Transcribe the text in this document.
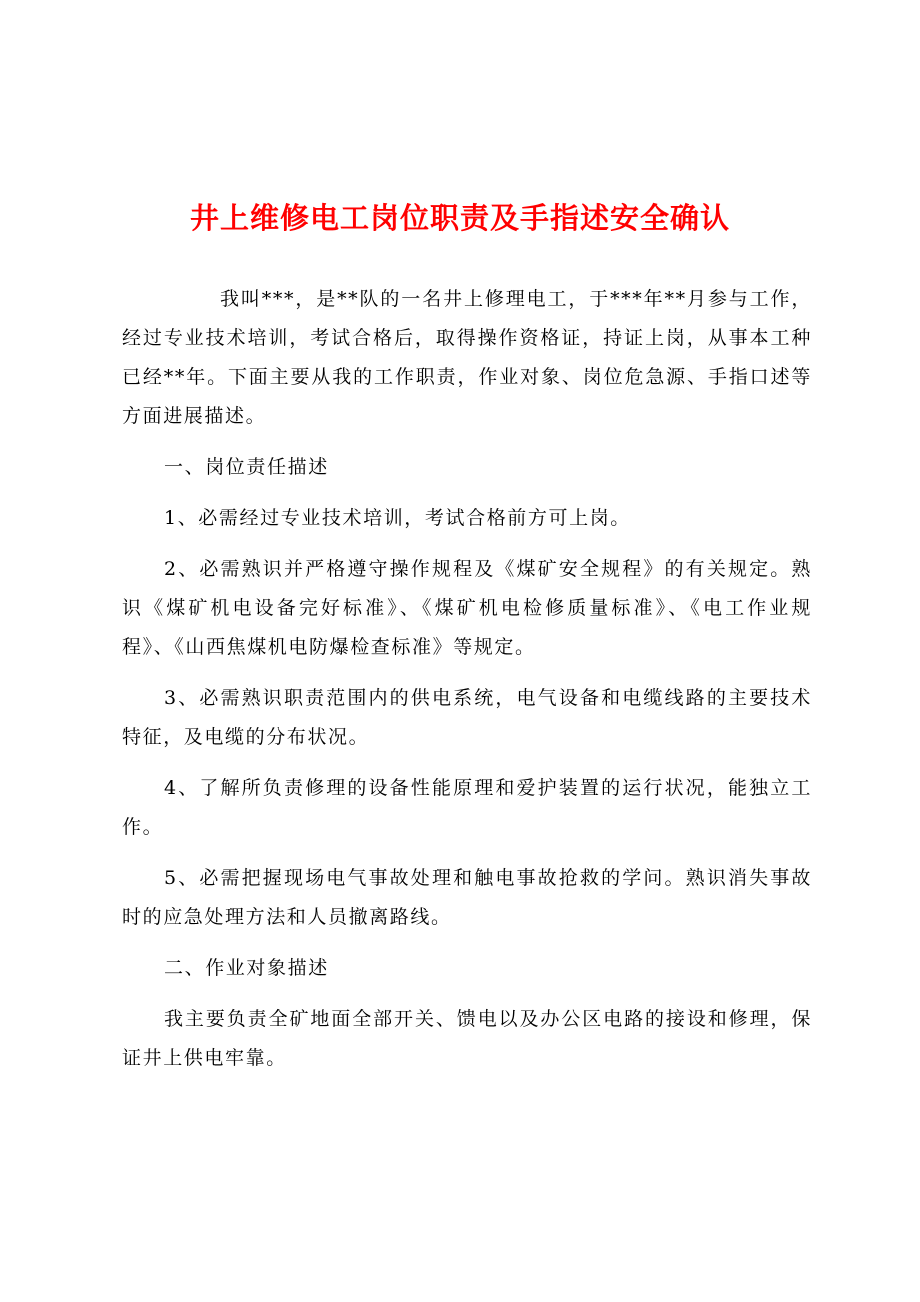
井上维修电工岗位职责及手指述安全确认

我叫***，是**队的一名井上修理电工，于***年**月参与工作，经过专业技术培训，考试合格后，取得操作资格证，持证上岗，从事本工种已经**年。下面主要从我的工作职责，作业对象、岗位危急源、手指口述等方面进展描述。

一、岗位责任描述

1、必需经过专业技术培训，考试合格前方可上岗。

2、必需熟识并严格遵守操作规程及《煤矿安全规程》的有关规定。熟识《煤矿机电设备完好标准》、《煤矿机电检修质量标准》、《电工作业规程》、《山西焦煤机电防爆检查标准》等规定。

3、必需熟识职责范围内的供电系统，电气设备和电缆线路的主要技术特征，及电缆的分布状况。

4、了解所负责修理的设备性能原理和爱护装置的运行状况，能独立工作。

5、必需把握现场电气事故处理和触电事故抢救的学问。熟识消失事故时的应急处理方法和人员撤离路线。

二、作业对象描述

我主要负责全矿地面全部开关、馈电以及办公区电路的接设和修理，保证井上供电牢靠。
